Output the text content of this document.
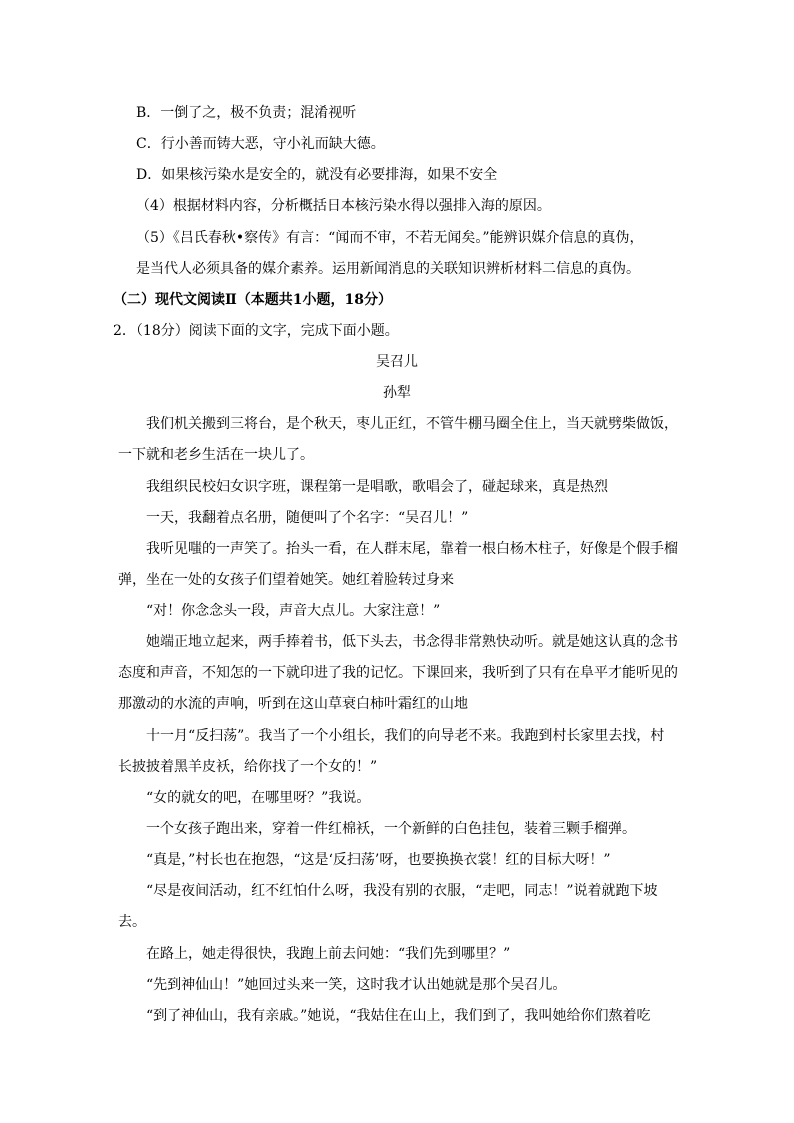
B．一倒了之，极不负责；混淆视听
C．行小善而铸大恶，守小礼而缺大德。
D．如果核污染水是安全的，就没有必要排海，如果不安全
（4）根据材料内容，分析概括日本核污染水得以强排入海的原因。
（5）《吕氏春秋•察传》有言：“闻而不审，不若无闻矣。”能辨识媒介信息的真伪，
是当代人必须具备的媒介素养。运用新闻消息的关联知识辨析材料二信息的真伪。
（二）现代文阅读Ⅱ（本题共1小题，18分）
2．（18分）阅读下面的文字，完成下面小题。
吴召儿
孙犁
我们机关搬到三将台，是个秋天，枣儿正红，不管牛棚马圈全住上，当天就劈柴做饭，
一下就和老乡生活在一块儿了。
我组织民校妇女识字班，课程第一是唱歌，歌唱会了，碰起球来，真是热烈
一天，我翻着点名册，随便叫了个名字：“吴召儿！”
我听见嗤的一声笑了。抬头一看，在人群末尾，靠着一根白杨木柱子，好像是个假手榴
弹，坐在一处的女孩子们望着她笑。她红着脸转过身来
“对！你念念头一段，声音大点儿。大家注意！”
她端正地立起来，两手捧着书，低下头去，书念得非常熟快动听。就是她这认真的念书
态度和声音，不知怎的一下就印进了我的记忆。下课回来，我听到了只有在阜平才能听见的
那激动的水流的声响，听到在这山草衰白柿叶霜红的山地
十一月“反扫荡”。我当了一个小组长，我们的向导老不来。我跑到村长家里去找，村
长披披着黑羊皮袄，给你找了一个女的！”
“女的就女的吧，在哪里呀？”我说。
一个女孩子跑出来，穿着一件红棉袄，一个新鲜的白色挂包，装着三颗手榴弹。
“真是，”村长也在抱怨，“这是‘反扫荡’呀，也要换换衣裳！红的目标大呀！”
“尽是夜间活动，红不红怕什么呀，我没有别的衣服，“走吧，同志！”说着就跑下坡
去。
在路上，她走得很快，我跑上前去问她：“我们先到哪里？”
“先到神仙山！”她回过头来一笑，这时我才认出她就是那个吴召儿。
“到了神仙山，我有亲戚。”她说，“我姑住在山上，我们到了，我叫她给你们熬着吃
